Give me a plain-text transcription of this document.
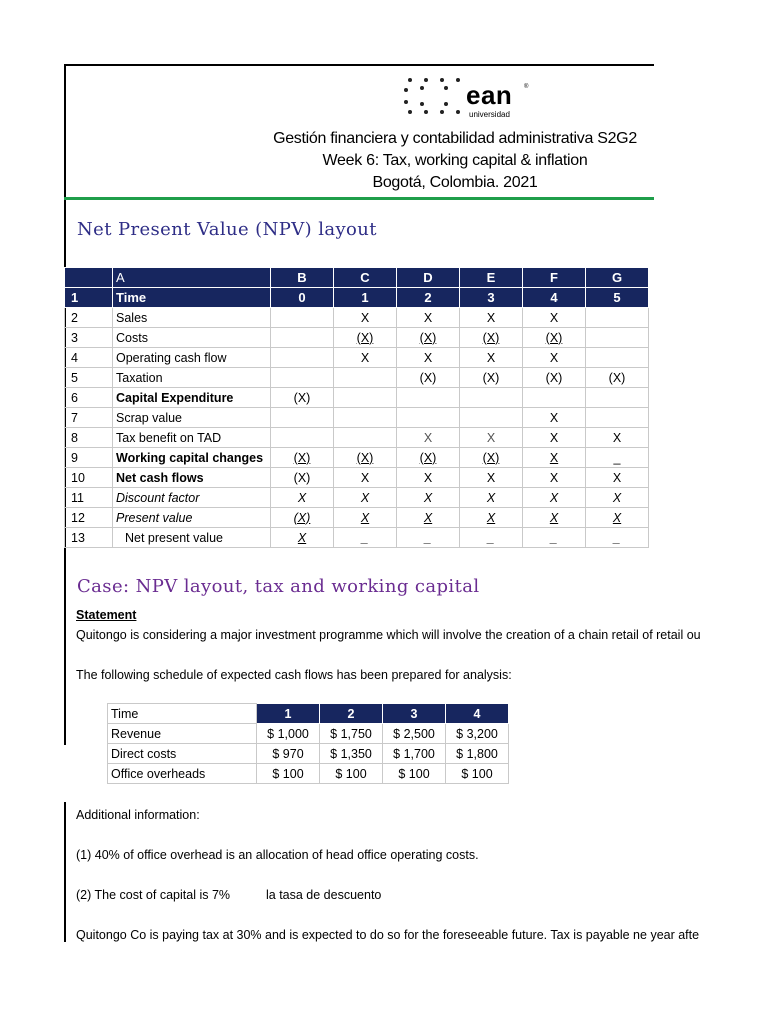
ean ®
universidad
Gestión financiera y contabilidad administrativa S2G2
Week 6: Tax, working capital & inflation
Bogotá, Colombia. 2021
Net Present Value (NPV) layout
	A	B	C	D	E	F	G
1	Time	0	1	2	3	4	5
2	Sales		X	X	X	X	
3	Costs		(X)	(X)	(X)	(X)	
4	Operating cash flow		X	X	X	X	
5	Taxation			(X)	(X)	(X)	(X)
6	Capital Expenditure	(X)					
7	Scrap value					X	
8	Tax benefit on TAD			X	X	X	X
9	Working capital changes	(X)	(X)	(X)	(X)	X	_
10	Net cash flows	(X)	X	X	X	X	X
11	Discount factor	X	X	X	X	X	X
12	Present value	(X)	X	X	X	X	X
13	Net present value	X	_	_	_	_	_
Case: NPV layout, tax and working capital
Statement
Quitongo is considering a major investment programme which will involve the creation of a chain retail of retail ou
The following schedule of expected cash flows has been prepared for analysis:
Time	1	2	3	4
Revenue	$ 1,000	$ 1,750	$ 2,500	$ 3,200
Direct costs	$ 970	$ 1,350	$ 1,700	$ 1,800
Office overheads	$ 100	$ 100	$ 100	$ 100
Additional information:
(1) 40% of office overhead is an allocation of head office operating costs.
(2) The cost of capital is 7%	la tasa de descuento
Quitongo Co is paying tax at 30% and is expected to do so for the foreseeable future. Tax is payable ne year afte
